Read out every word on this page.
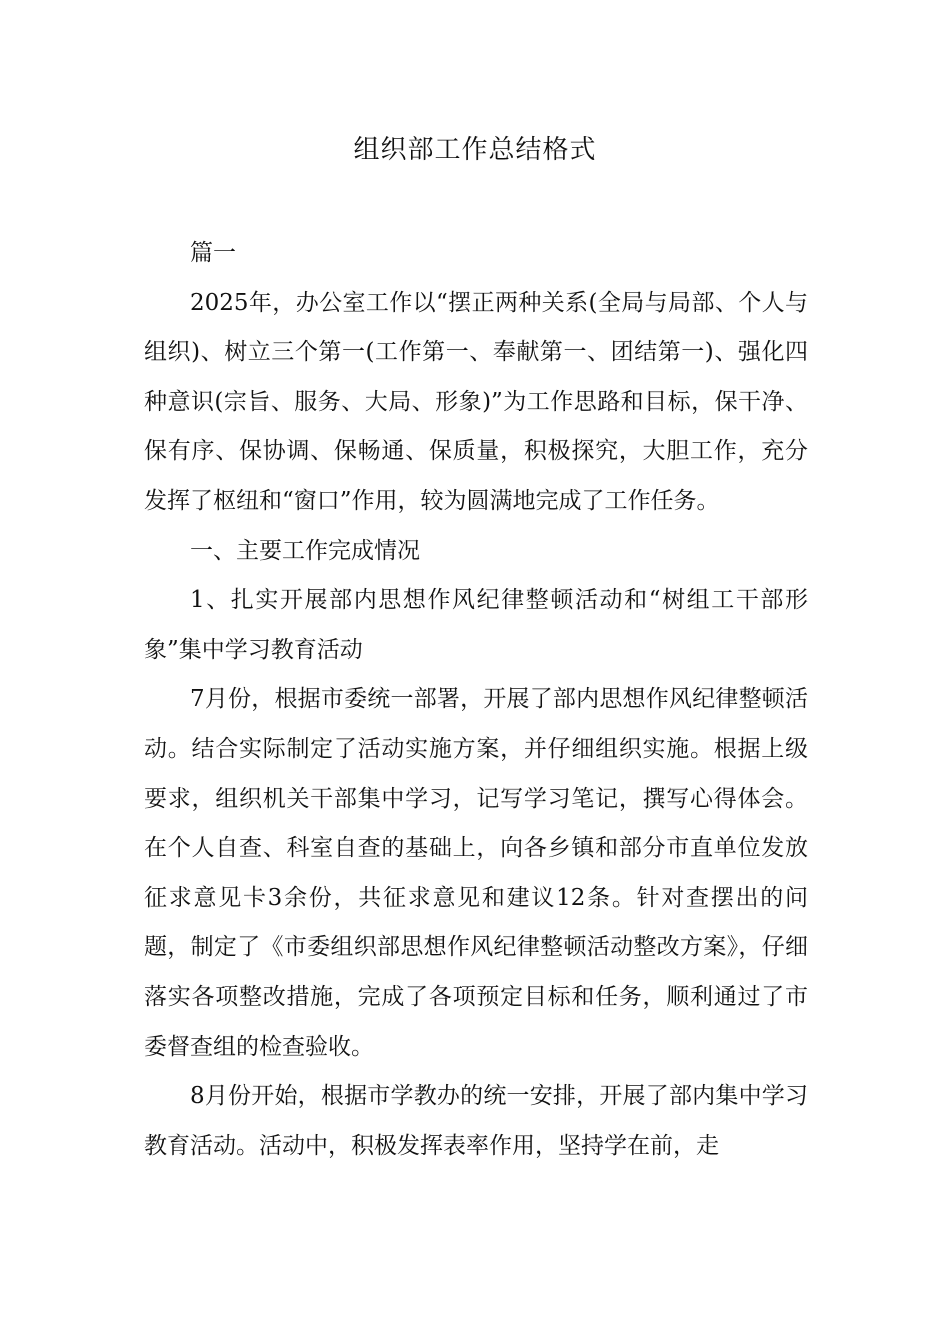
组织部工作总结格式

篇一

2025年，办公室工作以“摆正两种关系(全局与局部、个人与组织)、树立三个第一(工作第一、奉献第一、团结第一)、强化四种意识(宗旨、服务、大局、形象)”为工作思路和目标，保干净、保有序、保协调、保畅通、保质量，积极探究，大胆工作，充分发挥了枢纽和“窗口”作用，较为圆满地完成了工作任务。

一、主要工作完成情况

1、扎实开展部内思想作风纪律整顿活动和“树组工干部形象”集中学习教育活动

7月份，根据市委统一部署，开展了部内思想作风纪律整顿活动。结合实际制定了活动实施方案，并仔细组织实施。根据上级要求，组织机关干部集中学习，记写学习笔记，撰写心得体会。在个人自查、科室自查的基础上，向各乡镇和部分市直单位发放征求意见卡3余份，共征求意见和建议12条。针对查摆出的问题，制定了《市委组织部思想作风纪律整顿活动整改方案》，仔细落实各项整改措施，完成了各项预定目标和任务，顺利通过了市委督查组的检查验收。

8月份开始，根据市学教办的统一安排，开展了部内集中学习教育活动。活动中，积极发挥表率作用，坚持学在前，走
